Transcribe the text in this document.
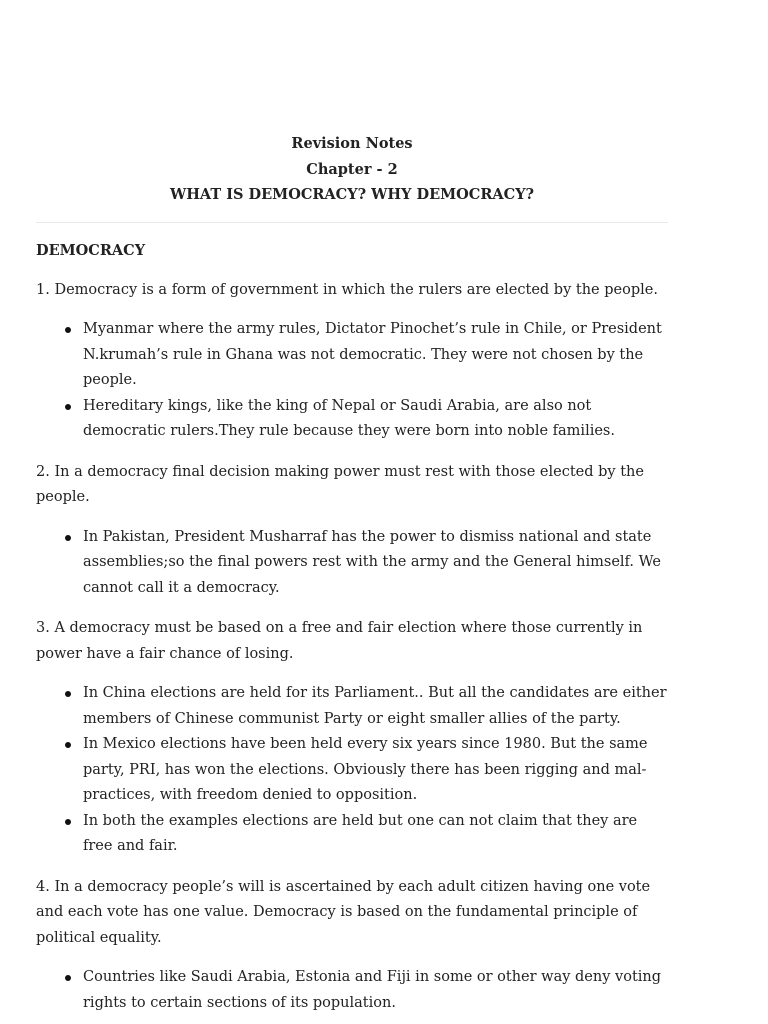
Revision Notes
Chapter - 2
WHAT IS DEMOCRACY? WHY DEMOCRACY?
DEMOCRACY

1. Democracy is a form of government in which the rulers are elected by the people.

Myanmar where the army rules, Dictator Pinochet’s rule in Chile, or President N.krumah’s rule in Ghana was not democratic. They were not chosen by the people.
Hereditary kings, like the king of Nepal or Saudi Arabia, are also not democratic rulers.They rule because they were born into noble families.

2. In a democracy final decision making power must rest with those elected by the people.

In Pakistan, President Musharraf has the power to dismiss national and state assemblies;so the final powers rest with the army and the General himself. We cannot call it a democracy.

3. A democracy must be based on a free and fair election where those currently in power have a fair chance of losing.

In China elections are held for its Parliament.. But all the candidates are either members of Chinese communist Party or eight smaller allies of the party.
In Mexico elections have been held every six years since 1980. But the same party, PRI, has won the elections. Obviously there has been rigging and mal-practices, with freedom denied to opposition.
In both the examples elections are held but one can not claim that they are free and fair.

4. In a democracy people’s will is ascertained by each adult citizen having one vote and each vote has one value. Democracy is based on the fundamental principle of political equality.

Countries like Saudi Arabia, Estonia and Fiji in some or other way deny voting rights to certain sections of its population.
